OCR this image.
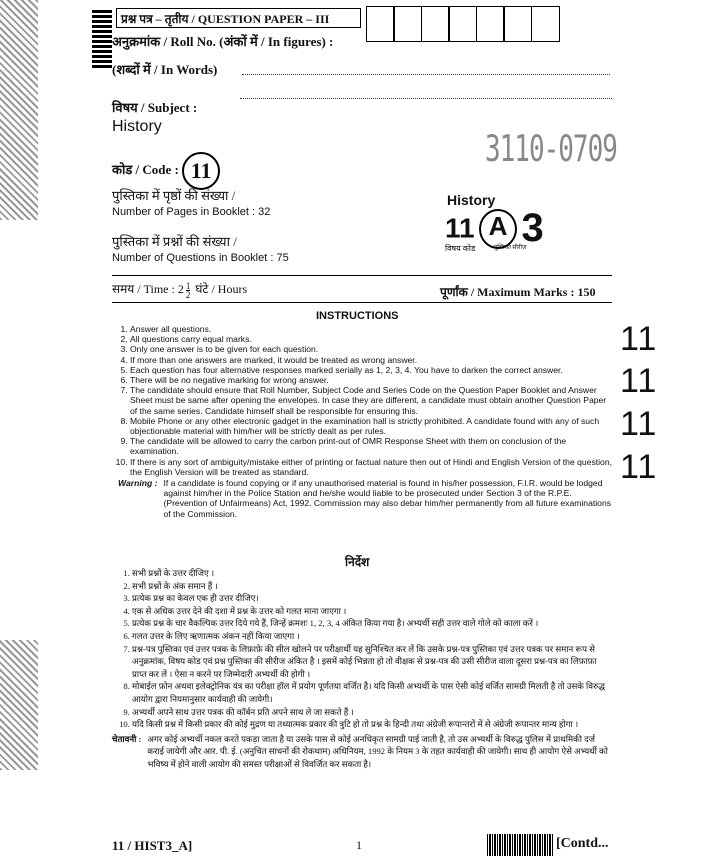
प्रश्न पत्र – तृतीय / QUESTION PAPER – III
अनुक्रमांक / Roll No. (अंकों में / In figures) :
(शब्दों में / In Words)
विषय / Subject :
History
3110-0709
कोड / Code : 11
पुस्तिका में पृष्ठों की संख्या /
Number of Pages in Booklet : 32
पुस्तिका में प्रश्नों की संख्या /
Number of Questions in Booklet : 75
History
11 A 3
विषय कोड	पुस्तिका सीरीज़
समय / Time : $2 \frac{1}{2}$ घंटे / Hours	पूर्णांक / Maximum Marks : 150
INSTRUCTIONS
1. Answer all questions.
2. All questions carry equal marks.
3. Only one answer is to be given for each question.
4. If more than one answers are marked, it would be treated as wrong answer.
5. Each question has four alternative responses marked serially as 1, 2, 3, 4. You have to darken the correct answer.
6. There will be no negative marking for wrong answer.
7. The candidate should ensure that Roll Number, Subject Code and Series Code on the Question Paper Booklet and Answer Sheet must be same after opening the envelopes. In case they are different, a candidate must obtain another Question Paper of the same series. Candidate himself shall be responsible for ensuring this.
8. Mobile Phone or any other electronic gadget in the examination hall is strictly prohibited. A candidate found with any of such objectionable material with him/her will be strictly dealt as per rules.
9. The candidate will be allowed to carry the carbon print-out of OMR Response Sheet with them on conclusion of the examination.
10. If there is any sort of ambiguity/mistake either of printing or factual nature then out of Hindi and English Version of the question, the English Version will be treated as standard.
Warning : If a candidate is found copying or if any unauthorised material is found in his/her possession, F.I.R. would be lodged against him/her in the Police Station and he/she would liable to be prosecuted under Section 3 of the R.P.E. (Prevention of Unfairmeans) Act, 1992. Commission may also debar him/her permanently from all future examinations of the Commission.
11
11
11
11
निर्देश
1. सभी प्रश्नों के उत्तर दीजिए ।
2. सभी प्रश्नों के अंक समान हैं ।
3. प्रत्येक प्रश्न का केवल एक ही उत्तर दीजिए।
4. एक से अधिक उत्तर देने की दशा में प्रश्न के उत्तर को गलत माना जाएगा ।
5. प्रत्येक प्रश्न के चार वैकल्पिक उत्तर दिये गये हैं, जिन्हें क्रमशः 1, 2, 3, 4 अंकित किया गया है। अभ्यर्थी सही उत्तर वाले गोले को काला करें ।
6. गलत उत्तर के लिए ऋणात्मक अंकन नहीं किया जाएगा ।
7. प्रश्न-पत्र पुस्तिका एवं उत्तर पत्रक के लिफ़ाफ़े की सील खोलने पर परीक्षार्थी यह सुनिश्चित कर लें कि उसके प्रश्न-पत्र पुस्तिका एवं उत्तर पत्रक पर समान रूप से अनुक्रमांक, विषय कोड एवं प्रश्न पुस्तिका की सीरीज अंकित है । इसमें कोई भिन्नता हो तो वीक्षक से प्रश्न-पत्र की उसी सीरीज वाला दूसरा प्रश्न-पत्र का लिफ़ाफ़ा प्राप्त कर लें । ऐसा न करने पर जिम्मेदारी अभ्यर्थी की होगी ।
8. मोबाईल फ़ोन अथवा इलेक्ट्रोनिक यंत्र का परीक्षा हॉल में प्रयोग पूर्णतया वर्जित है। यदि किसी अभ्यर्थी के पास ऐसी कोई वर्जित सामग्री मिलती है तो उसके विरुद्ध आयोग द्वारा नियमानुसार कार्यवाही की जायेगी।
9. अभ्यर्थी अपने साथ उत्तर पत्रक की कॉर्बन प्रति अपने साथ ले जा सकते हैं ।
10. यदि किसी प्रश्न में किसी प्रकार की कोई मुद्रण या तथ्यात्मक प्रकार की त्रुटि हो तो प्रश्न के हिन्दी तथा अंग्रेजी रूपान्तरों में से अंग्रेजी रूपान्तर मान्य होगा ।
चेतावनी : अगर कोई अभ्यर्थी नकल करते पकड़ा जाता है या उसके पास से कोई अनधिकृत सामग्री पाई जाती है, तो उस अभ्यर्थी के विरुद्ध पुलिस में प्राथमिकी दर्ज कराई जायेगी और आर. पी. ई. (अनुचित साधनों की रोकथाम) अधिनियम, 1992 के नियम 3 के तहत कार्यवाही की जायेगी। साथ ही आयोग ऐसे अभ्यर्थी को भविष्य में होने वाली आयोग की समस्त परीक्षाओं से विवर्जित कर सकता है।
11 / HIST3_A]	1	[Contd...
